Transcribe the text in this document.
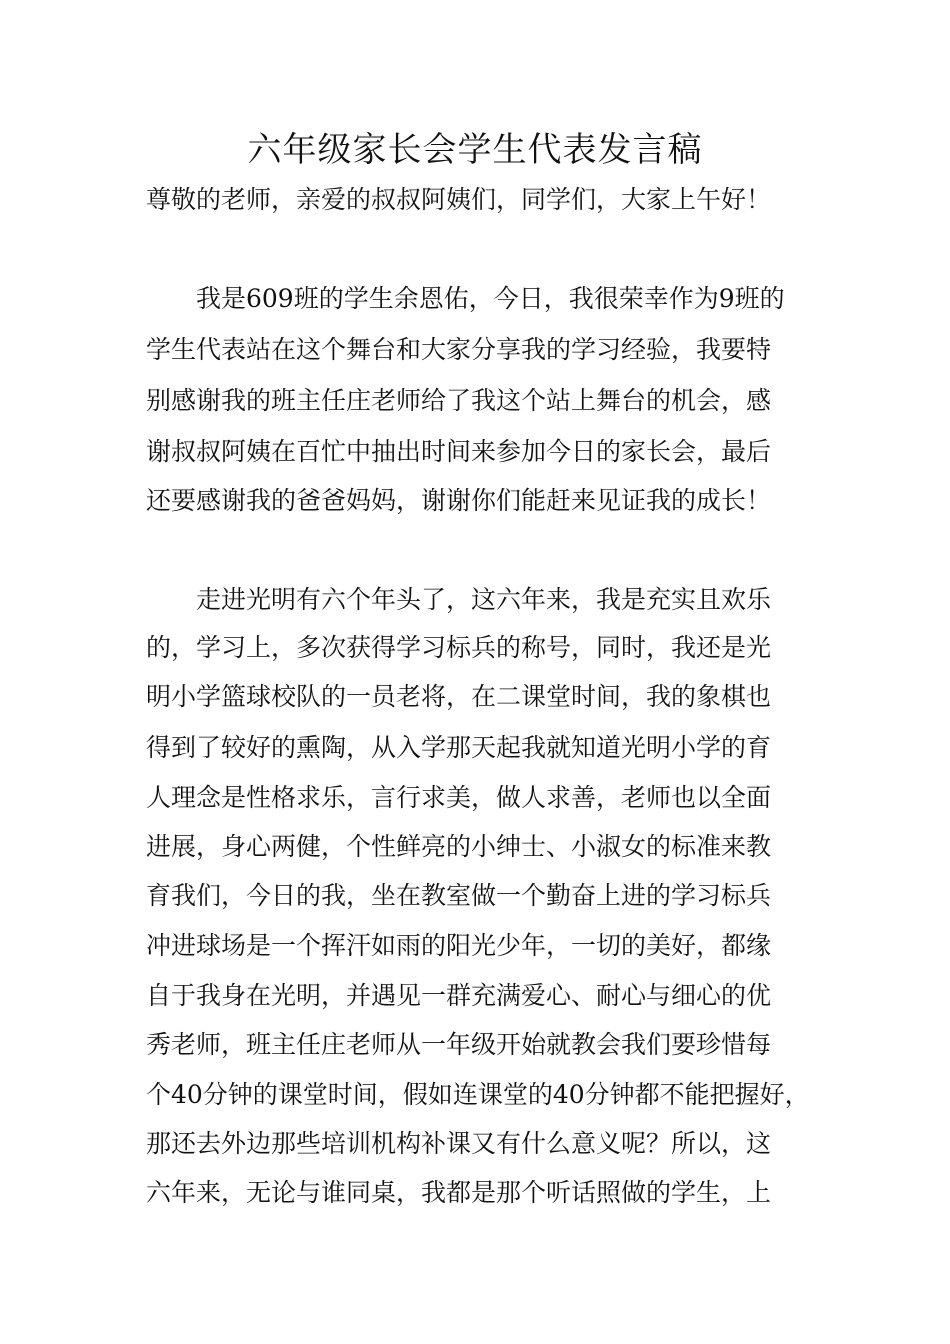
六年级家长会学生代表发言稿
尊敬的老师，亲爱的叔叔阿姨们，同学们，大家上午好！
我是609班的学生余恩佑，今日，我很荣幸作为9班的
学生代表站在这个舞台和大家分享我的学习经验，我要特
别感谢我的班主任庄老师给了我这个站上舞台的机会，感
谢叔叔阿姨在百忙中抽出时间来参加今日的家长会，最后
还要感谢我的爸爸妈妈，谢谢你们能赶来见证我的成长！
走进光明有六个年头了，这六年来，我是充实且欢乐
的，学习上，多次获得学习标兵的称号，同时，我还是光
明小学篮球校队的一员老将，在二课堂时间，我的象棋也
得到了较好的熏陶，从入学那天起我就知道光明小学的育
人理念是性格求乐，言行求美，做人求善，老师也以全面
进展，身心两健，个性鲜亮的小绅士、小淑女的标准来教
育我们，今日的我，坐在教室做一个勤奋上进的学习标兵
冲进球场是一个挥汗如雨的阳光少年，一切的美好，都缘
自于我身在光明，并遇见一群充满爱心、耐心与细心的优
秀老师，班主任庄老师从一年级开始就教会我们要珍惜每
个40分钟的课堂时间，假如连课堂的40分钟都不能把握好，
那还去外边那些培训机构补课又有什么意义呢？所以，这
六年来，无论与谁同桌，我都是那个听话照做的学生，上
